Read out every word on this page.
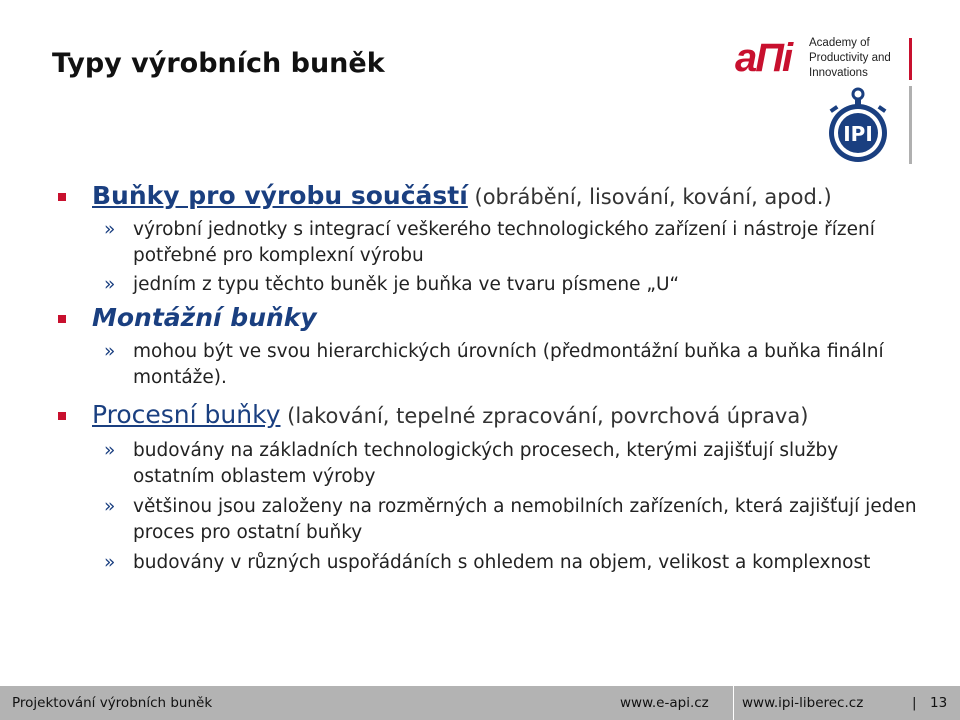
Typy výrobních buněk	aΠi Academy of
Productivity and
Innovations
IPI
Buňky pro výrobu součástí (obrábění, lisování, kování, apod.)
» výrobní jednotky s integrací veškerého technologického zařízení i nástroje řízení potřebné pro komplexní výrobu
» jedním z typu těchto buněk je buňka ve tvaru písmene „U“
Montážní buňky
» mohou být ve svou hierarchických úrovních (předmontážní buňka a buňka finální montáže).
Procesní buňky (lakování, tepelné zpracování, povrchová úprava)
» budovány na základních technologických procesech, kterými zajišťují služby ostatním oblastem výroby
» většinou jsou založeny na rozměrných a nemobilních zařízeních, která zajišťují jeden proces pro ostatní buňky
» budovány v různých uspořádáních s ohledem na objem, velikost a komplexnost
Projektování výrobních buněk	www.e-api.cz www.ipi-liberec.cz	| 13
